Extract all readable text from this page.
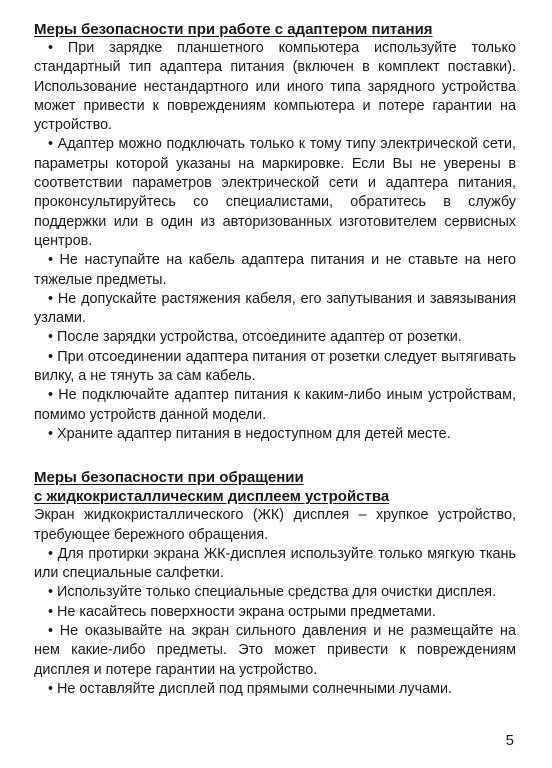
Меры безопасности при работе с адаптером питания

• При зарядке планшетного компьютера используйте только стандартный тип адаптера питания (включен в комплект поставки). Использование нестандартного или иного типа зарядного устройства может привести к повреждениям компьютера и потере гарантии на устройство.

• Адаптер можно подключать только к тому типу электрической сети, параметры которой указаны на маркировке. Если Вы не уверены в соответствии параметров электрической сети и адаптера питания, проконсультируйтесь со специалистами, обратитесь в службу поддержки или в один из авторизованных изготовителем сервисных центров.

• Не наступайте на кабель адаптера питания и не ставьте на него тяжелые предметы.

• Не допускайте растяжения кабеля, его запутывания и завязывания узлами.

• После зарядки устройства, отсоедините адаптер от розетки.

• При отсоединении адаптера питания от розетки следует вытягивать вилку, а не тянуть за сам кабель.

• Не подключайте адаптер питания к каким-либо иным устройствам, помимо устройств данной модели.

• Храните адаптер питания в недоступном для детей месте.

Меры безопасности при обращении

с жидкокристаллическим дисплеем устройства

Экран жидкокристаллического (ЖК) дисплея – хрупкое устройство, требующее бережного обращения.

• Для протирки экрана ЖК-дисплея используйте только мягкую ткань или специальные салфетки.

• Используйте только специальные средства для очистки дисплея.

• Не касайтесь поверхности экрана острыми предметами.

• Не оказывайте на экран сильного давления и не размещайте на нем какие-либо предметы. Это может привести к повреждениям дисплея и потере гарантии на устройство.

• Не оставляйте дисплей под прямыми солнечными лучами.

5
